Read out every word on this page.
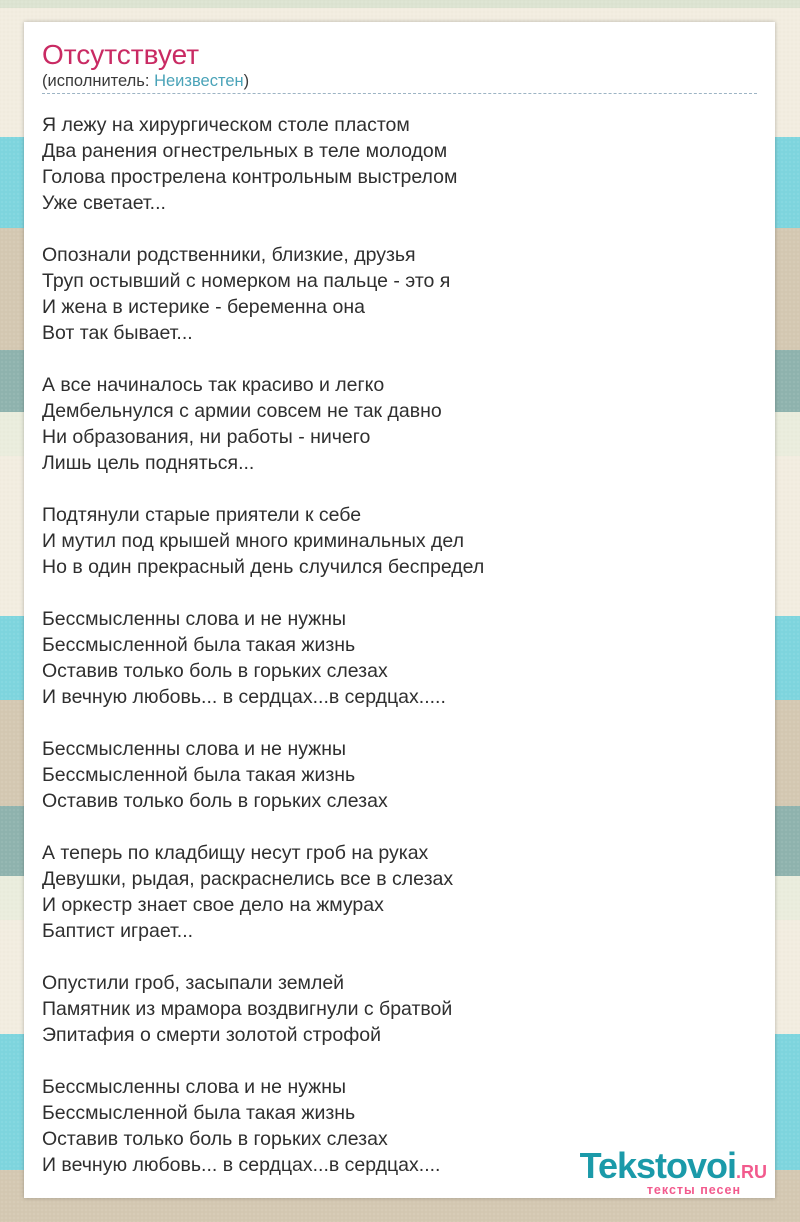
Отсутствует
(исполнитель: Неизвестен)

Я лежу на хирургическом столе пластом
Два ранения огнестрельных в теле молодом
Голова прострелена контрольным выстрелом
Уже светает...

Опознали родственники, близкие, друзья
Труп остывший с номерком на пальце - это я
И жена в истерике - беременна она
Вот так бывает...

А все начиналось так красиво и легко
Дембельнулся с армии совсем не так давно
Ни образования, ни работы - ничего
Лишь цель подняться...

Подтянули старые приятели к себе
И мутил под крышей много криминальных дел
Но в один прекрасный день случился беспредел

Бессмысленны слова и не нужны
Бессмысленной была такая жизнь
Оставив только боль в горьких слезах
И вечную любовь... в сердцах...в сердцах.....

Бессмысленны слова и не нужны
Бессмысленной была такая жизнь
Оставив только боль в горьких слезах

А теперь по кладбищу несут гроб на руках
Девушки, рыдая, раскраснелись все в слезах
И оркестр знает свое дело на жмурах
Баптист играет...

Опустили гроб, засыпали землей
Памятник из мрамора воздвигнули с братвой
Эпитафия о смерти золотой строфой

Бессмысленны слова и не нужны
Бессмысленной была такая жизнь
Оставив только боль в горьких слезах
И вечную любовь... в сердцах...в сердцах....	Tekstovoi.RU
тексты песен
